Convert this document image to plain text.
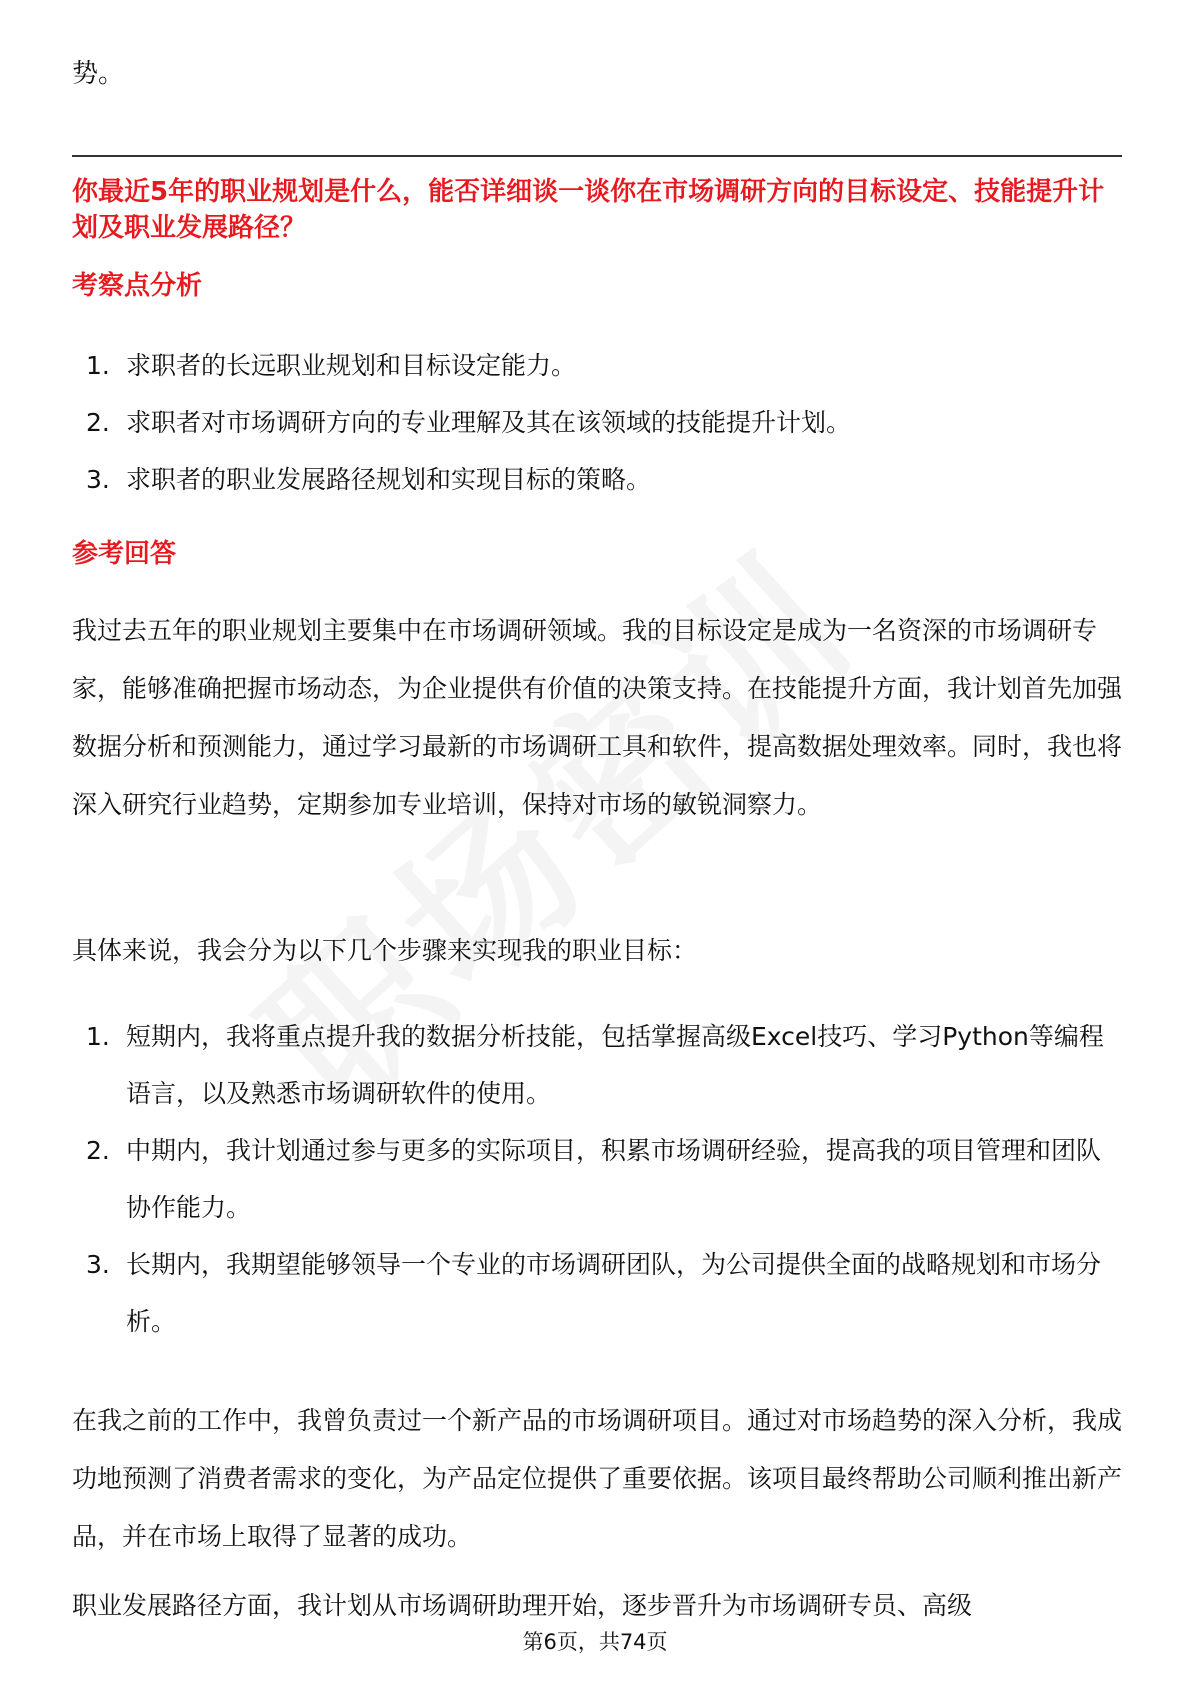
势。

你最近5年的职业规划是什么，能否详细谈一谈你在市场调研方向的目标设定、技能提升计划及职业发展路径？

考察点分析
1. 求职者的长远职业规划和目标设定能力。
2. 求职者对市场调研方向的专业理解及其在该领域的技能提升计划。
3. 求职者的职业发展路径规划和实现目标的策略。
参考回答

我过去五年的职业规划主要集中在市场调研领域。我的目标设定是成为一名资深的市场调研专家，能够准确把握市场动态，为企业提供有价值的决策支持。在技能提升方面，我计划首先加强数据分析和预测能力，通过学习最新的市场调研工具和软件，提高数据处理效率。同时，我也将深入研究行业趋势，定期参加专业培训，保持对市场的敏锐洞察力。

具体来说，我会分为以下几个步骤来实现我的职业目标：

1. 短期内，我将重点提升我的数据分析技能，包括掌握高级Excel技巧、学习Python等编程语言，以及熟悉市场调研软件的使用。
2. 中期内，我计划通过参与更多的实际项目，积累市场调研经验，提高我的项目管理和团队协作能力。
3. 长期内，我期望能够领导一个专业的市场调研团队，为公司提供全面的战略规划和市场分析。

在我之前的工作中，我曾负责过一个新产品的市场调研项目。通过对市场趋势的深入分析，我成功地预测了消费者需求的变化，为产品定位提供了重要依据。该项目最终帮助公司顺利推出新产品，并在市场上取得了显著的成功。

职业发展路径方面，我计划从市场调研助理开始，逐步晋升为市场调研专员、高级

第6页，共74页
